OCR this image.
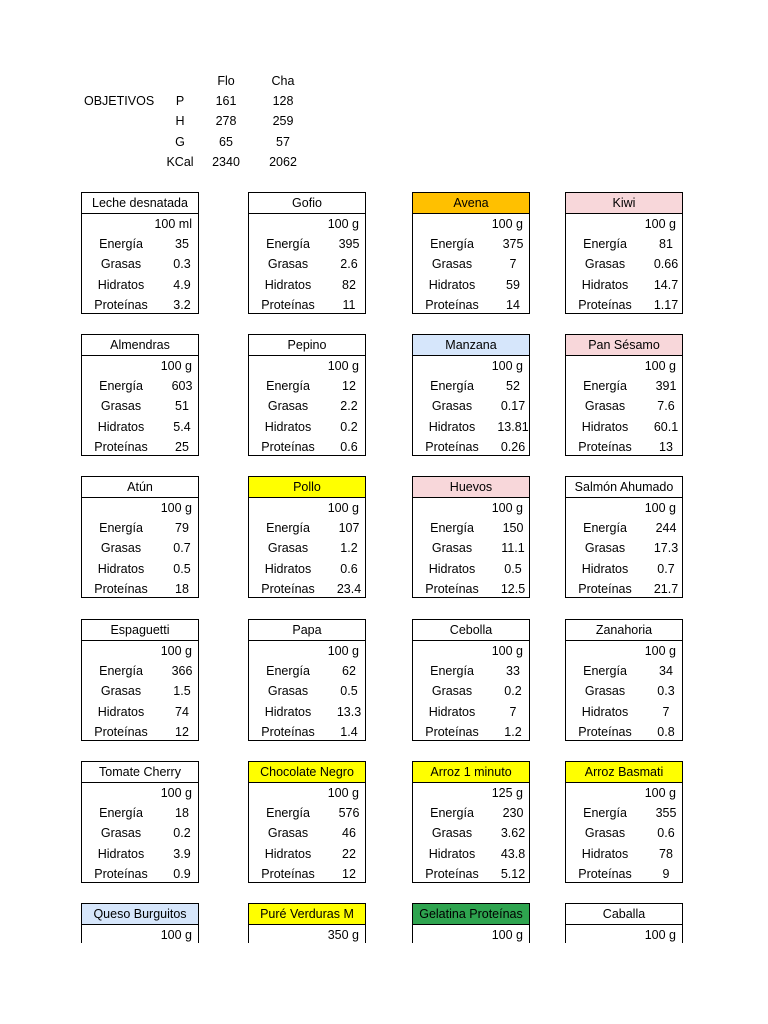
OBJETIVOS
Flo	Cha
P	161	128
H	278	259
G	65	57
KCal	2340	2062
Leche desnatada
100 ml
Energía	35
Grasas	0.3
Hidratos	4.9
Proteínas	3.2
Gofio
100 g
Energía	395
Grasas	2.6
Hidratos	82
Proteínas	11
Avena
100 g
Energía	375
Grasas	7
Hidratos	59
Proteínas	14
Kiwi
100 g
Energía	81
Grasas	0.66
Hidratos	14.7
Proteínas	1.17
Almendras
100 g
Energía	603
Grasas	51
Hidratos	5.4
Proteínas	25
Pepino
100 g
Energía	12
Grasas	2.2
Hidratos	0.2
Proteínas	0.6
Manzana
100 g
Energía	52
Grasas	0.17
Hidratos	13.81
Proteínas	0.26
Pan Sésamo
100 g
Energía	391
Grasas	7.6
Hidratos	60.1
Proteínas	13
Atún
100 g
Energía	79
Grasas	0.7
Hidratos	0.5
Proteínas	18
Pollo
100 g
Energía	107
Grasas	1.2
Hidratos	0.6
Proteínas	23.4
Huevos
100 g
Energía	150
Grasas	11.1
Hidratos	0.5
Proteínas	12.5
Salmón Ahumado
100 g
Energía	244
Grasas	17.3
Hidratos	0.7
Proteínas	21.7
Espaguetti
100 g
Energía	366
Grasas	1.5
Hidratos	74
Proteínas	12
Papa
100 g
Energía	62
Grasas	0.5
Hidratos	13.3
Proteínas	1.4
Cebolla
100 g
Energía	33
Grasas	0.2
Hidratos	7
Proteínas	1.2
Zanahoria
100 g
Energía	34
Grasas	0.3
Hidratos	7
Proteínas	0.8
Tomate Cherry
100 g
Energía	18
Grasas	0.2
Hidratos	3.9
Proteínas	0.9
Chocolate Negro
100 g
Energía	576
Grasas	46
Hidratos	22
Proteínas	12
Arroz 1 minuto
125 g
Energía	230
Grasas	3.62
Hidratos	43.8
Proteínas	5.12
Arroz Basmati
100 g
Energía	355
Grasas	0.6
Hidratos	78
Proteínas	9
Queso Burguitos
100 g
Puré Verduras M
350 g
Gelatina Proteínas
100 g
Caballa
100 g
